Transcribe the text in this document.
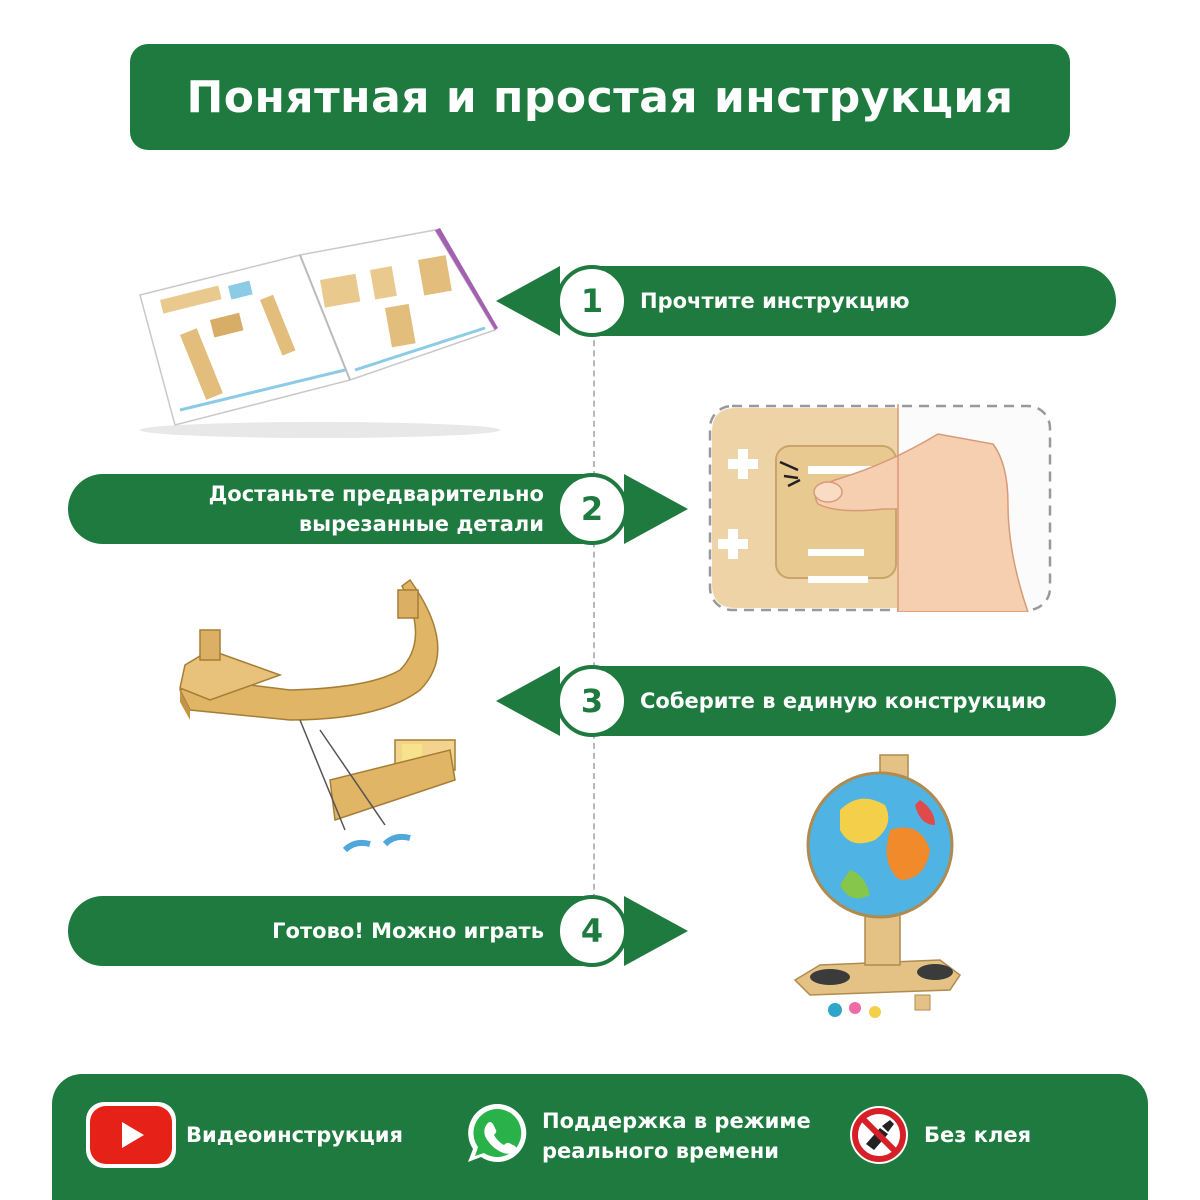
Понятная и простая инструкция
Прочтите инструкцию
1
Достаньте предварительно
вырезанные детали 2
Соберите в единую конструкцию
3
Готово! Можно играть 4
Видеоинструкция
Поддержка в режиме
реального времени
Без клея
